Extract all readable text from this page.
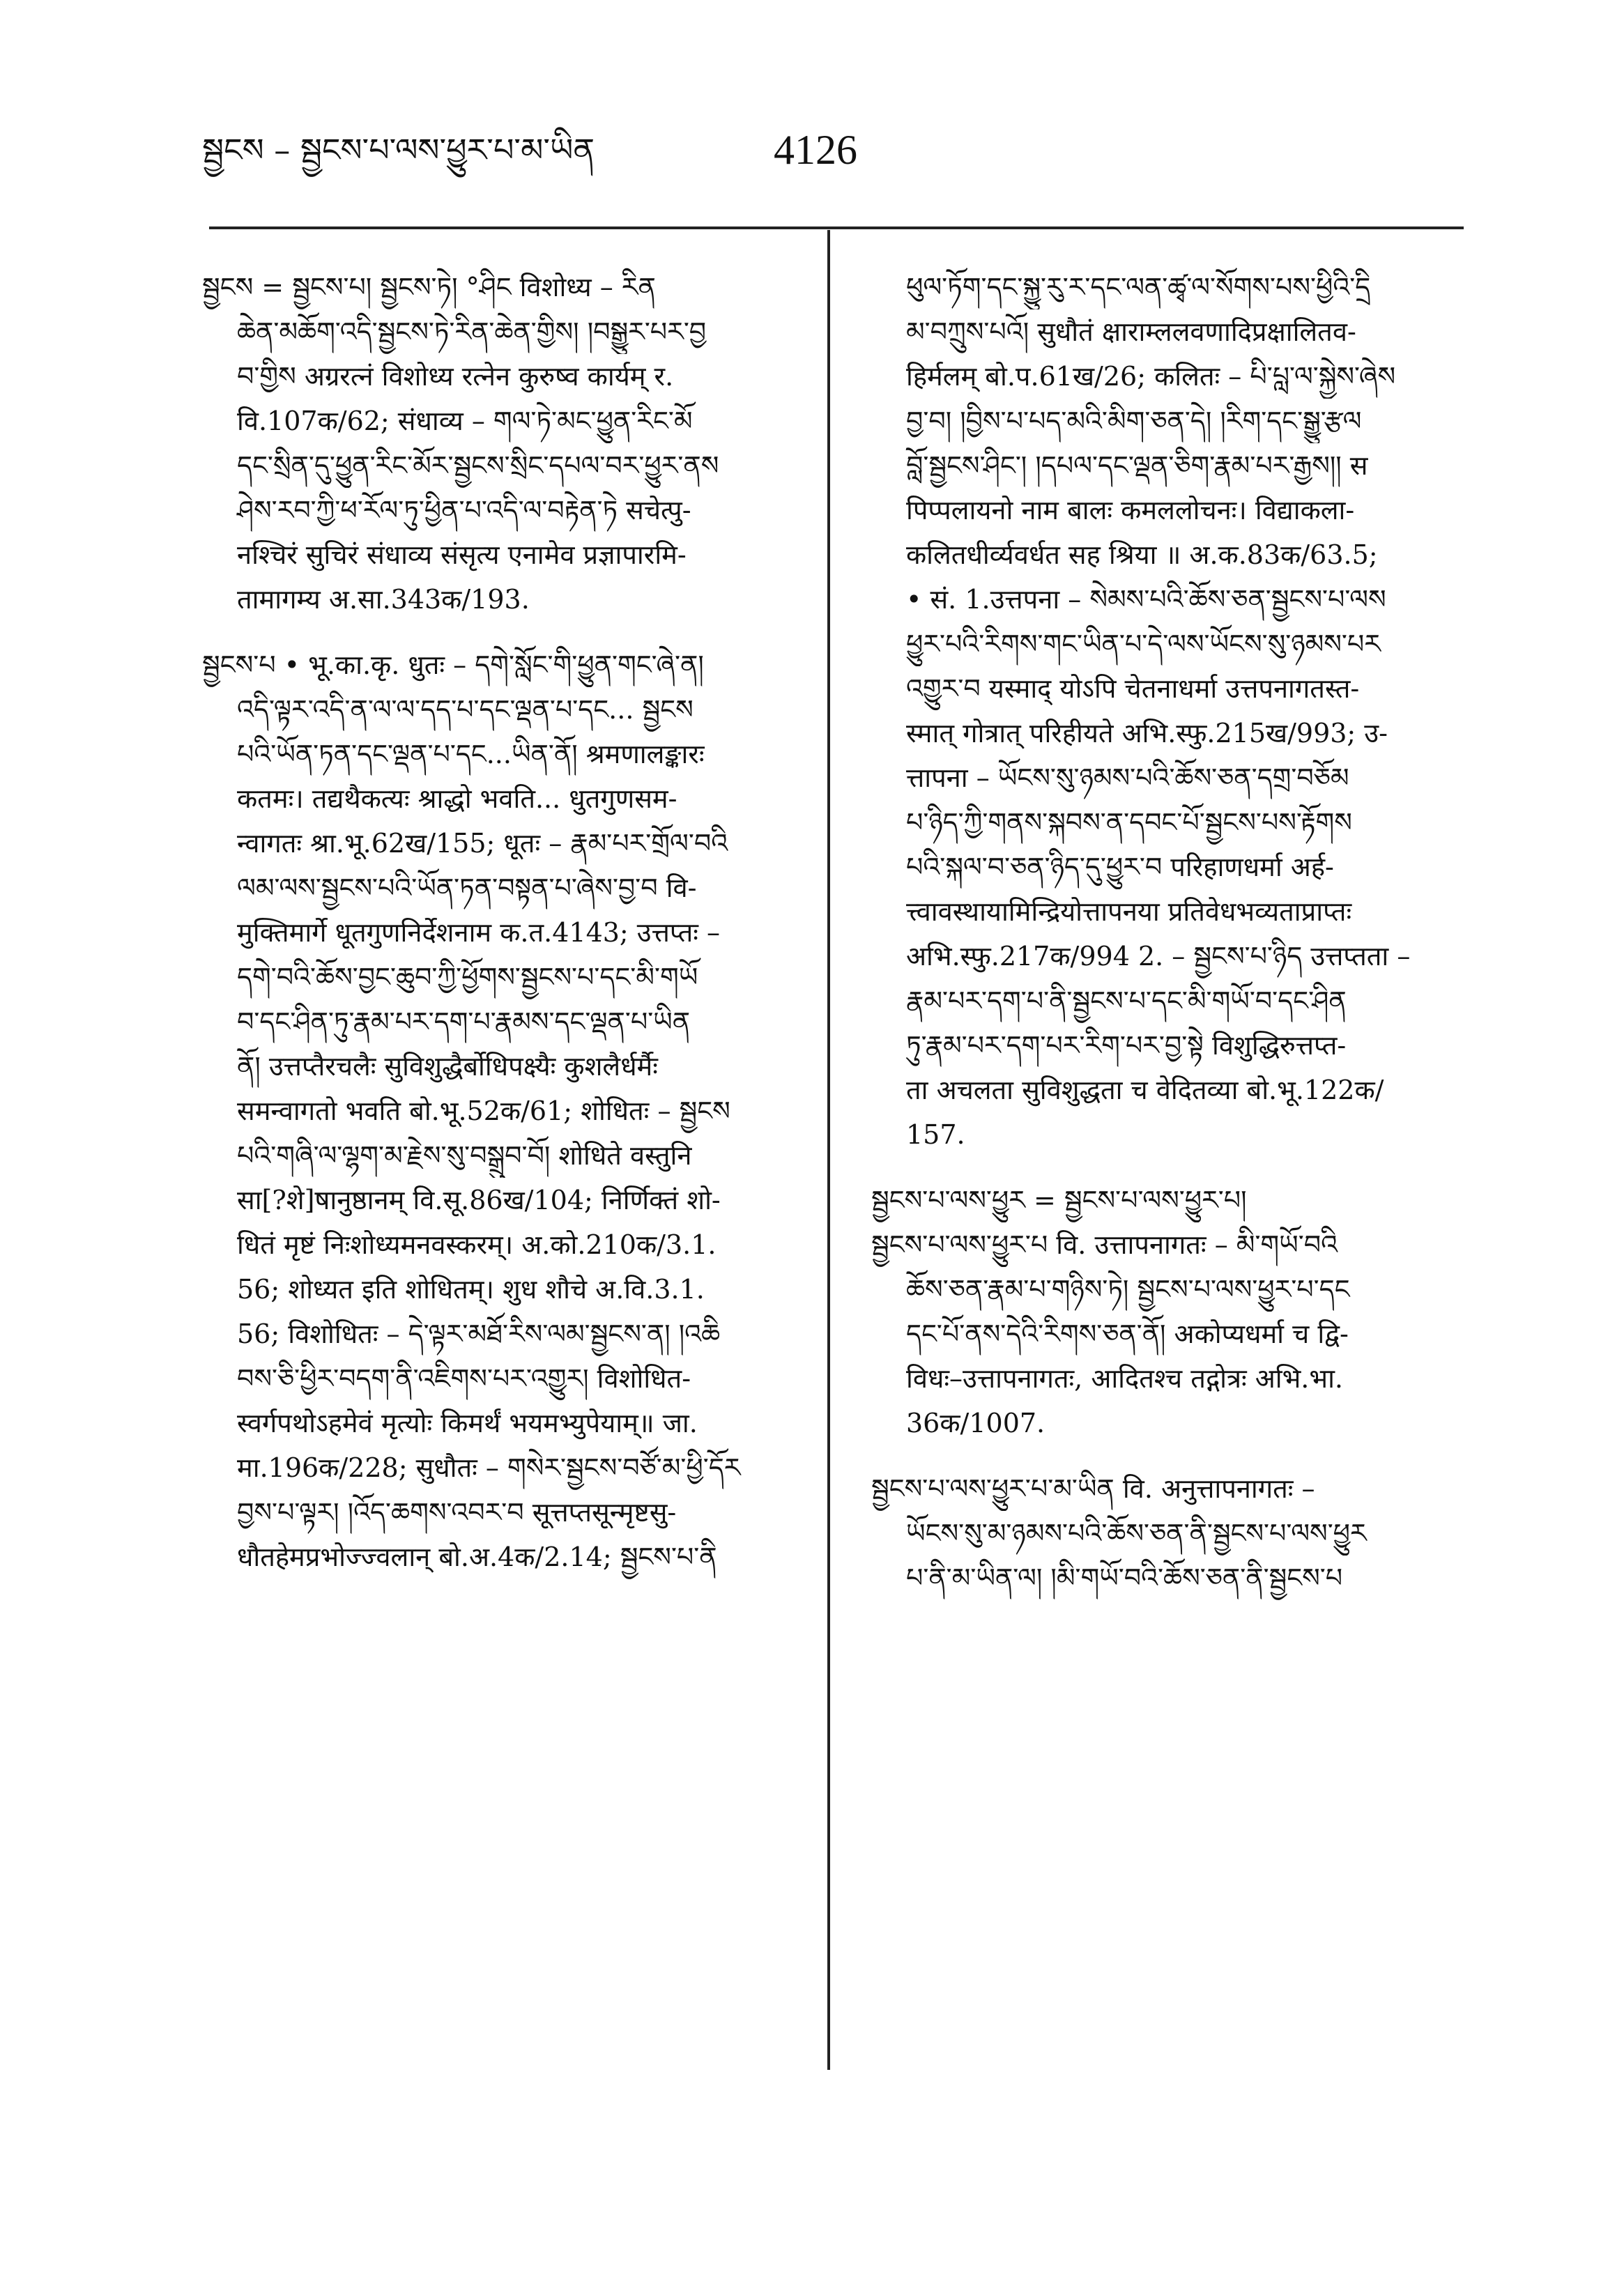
སྦྱངས – སྦྱངས་པ་ལས་ཕྱུར་པ་མ་ཡིན	4126
སྦྱངས = སྦྱངས་པ། སྦྱངས་ཏེ། °ཤིང विशोध्य – རིན
ཆེན་མཆོག་འདི་སྦྱངས་ཏེ་རིན་ཆེན་གྱིས། །བསྒྱུར་པར་བྱ
བ་གྱིས अग्ररत्नं विशोध्य रत्नेन कुरुष्व कार्यम् र.
वि.107क/62; संधाव्य – གལ་ཏེ་མང་ཕྱུན་རིང་མོ
དང་སྲིན་དུ་ཕྱུན་རིང་མོར་སྦྱངས་སྲིང་དཔལ་བར་ཕྱུར་ནས
ཤེས་རབ་ཀྱི་ཕ་རོལ་ཏུ་ཕྱིན་པ་འདི་ལ་བརྟེན་ཏེ सचेत्पु-
नश्चिरं सुचिरं संधाव्य संसृत्य एनामेव प्रज्ञापारमि-
तामागम्य अ.सा.343क/193.
སྦྱངས་པ • भू.का.कृ. धुतः – དགེ་སློང་གི་ཕྱུན་གང་ཞེ་ན།
འདི་ལྟར་འདི་ན་ལ་ལ་དད་པ་དང་ལྡན་པ་དང... སྦྱངས
པའི་ཡོན་ཏན་དང་ལྡན་པ་དང...ཡིན་ནོ། श्रमणालङ्कारः
कतमः। तद्यथैकत्यः श्राद्धो भवति... धुतगुणसम-
न्वागतः श्रा.भू.62ख/155; धूतः – རྣམ་པར་གྲོལ་བའི
ལམ་ལས་སྦྱངས་པའི་ཡོན་ཏན་བསྟན་པ་ཞེས་བྱ་བ वि-
मुक्तिमार्गे धूतगुणनिर्देशनाम क.त.4143; उत्तप्तः –
དགེ་བའི་ཆོས་བྱང་ཆུབ་ཀྱི་ཕྱོགས་སྦྱངས་པ་དང་མི་གཡོ
བ་དང་ཤིན་ཏུ་རྣམ་པར་དག་པ་རྣམས་དང་ལྡན་པ་ཡིན
ནོ། उत्तप्तैरचलैः सुविशुद्धैर्बोधिपक्ष्यैः कुशलैर्धर्मैः
समन्वागतो भवति बो.भू.52क/61; शोधितः – སྦྱངས
པའི་གཞི་ལ་ལྷག་མ་རྗེས་སུ་བསྒྲུབ་བོ། शोधिते वस्तुनि
सा[?शे]षानुष्ठानम् वि.सू.86ख/104; निर्णिक्तं शो-
धितं मृष्टं निःशोध्यमनवस्करम्। अ.को.210क/3.1.
56; शोध्यत इति शोधितम्। शुध शौचे अ.वि.3.1.
56; विशोधितः – དེ་ལྟར་མཐོ་རིས་ལམ་སྦྱངས་ན། །འཆི
བས་ཅི་ཕྱིར་བདག་ནི་འཇིགས་པར་འགྱུར། विशोधित-
स्वर्गपथोऽहमेवं मृत्योः किमर्थं भयमभ्युपेयाम्॥ जा.
मा.196क/228; सुधौतः – གསེར་སྦྱངས་བཙོ་མ་ཕྱི་དོར
བྱས་པ་ལྟར། །འོད་ཆགས་འབར་བ सूत्तप्तसून्मृष्टसु-
धौतहेमप्रभोज्ज्वलान् बो.अ.4क/2.14; སྦྱངས་པ་ནི
ཕུལ་ཏོག་དང་སྐྱུ་རུ་ར་དང་ལན་ཚྭ་ལ་སོགས་པས་ཕྱིའི་དྲི
མ་བཀྲུས་པའོ། सुधौतं क्षाराम्ललवणादिप्रक्षालितव-
हिर्मलम् बो.प.61ख/26; कलितः – པི་པླ་ལ་སྐྱེས་ཞེས
བྱ་བ། །བྱིས་པ་པད་མའི་མིག་ཅན་དེ། །རིག་དང་སྒྱུ་རྩལ
བློ་སྦྱངས་ཤིང་། །དཔལ་དང་ལྡན་ཅིག་རྣམ་པར་རྒྱས།། स
पिप्पलायनो नाम बालः कमललोचनः। विद्याकला-
कलितधीर्व्यवर्धत सह श्रिया ॥ अ.क.83क/63.5;
• सं. 1.उत्तपना – སེམས་པའི་ཆོས་ཅན་སྦྱངས་པ་ལས
ཕྱུར་པའི་རིགས་གང་ཡིན་པ་དེ་ལས་ཡོངས་སུ་ཉམས་པར
འགྱུར་བ यस्माद् योऽपि चेतनाधर्मा उत्तपनागतस्त-
स्मात् गोत्रात् परिहीयते अभि.स्फु.215ख/993; उ-
त्तापना – ཡོངས་སུ་ཉམས་པའི་ཆོས་ཅན་དགྲ་བཅོམ
པ་ཉིད་ཀྱི་གནས་སྐབས་ན་དབང་པོ་སྦྱངས་པས་རྟོགས
པའི་སྐལ་བ་ཅན་ཉིད་དུ་ཕྱུར་བ परिहाणधर्मा अर्ह-
त्त्वावस्थायामिन्द्रियोत्तापनया प्रतिवेधभव्यताप्राप्तः
अभि.स्फु.217क/994 2. – སྦྱངས་པ་ཉིད उत्तप्तता –
རྣམ་པར་དག་པ་ནི་སྦྱངས་པ་དང་མི་གཡོ་བ་དང་ཤིན
ཏུ་རྣམ་པར་དག་པར་རིག་པར་བྱ་སྟེ विशुद्धिरुत्तप्त-
ता अचलता सुविशुद्धता च वेदितव्या बो.भू.122क/
157.
སྦྱངས་པ་ལས་ཕྱུར = སྦྱངས་པ་ལས་ཕྱུར་པ།
སྦྱངས་པ་ལས་ཕྱུར་པ वि. उत्तापनागतः – མི་གཡོ་བའི
ཆོས་ཅན་རྣམ་པ་གཉིས་ཏེ། སྦྱངས་པ་ལས་ཕྱུར་པ་དང
དང་པོ་ནས་དེའི་རིགས་ཅན་ནོ། अकोप्यधर्मा च द्वि-
विधः–उत्तापनागतः, आदितश्च तद्गोत्रः अभि.भा.
36क/1007.
སྦྱངས་པ་ལས་ཕྱུར་པ་མ་ཡིན वि. अनुत्तापनागतः –
ཡོངས་སུ་མ་ཉམས་པའི་ཆོས་ཅན་ནི་སྦྱངས་པ་ལས་ཕྱུར
པ་ནི་མ་ཡིན་ལ། །མི་གཡོ་བའི་ཆོས་ཅན་ནི་སྦྱངས་པ
